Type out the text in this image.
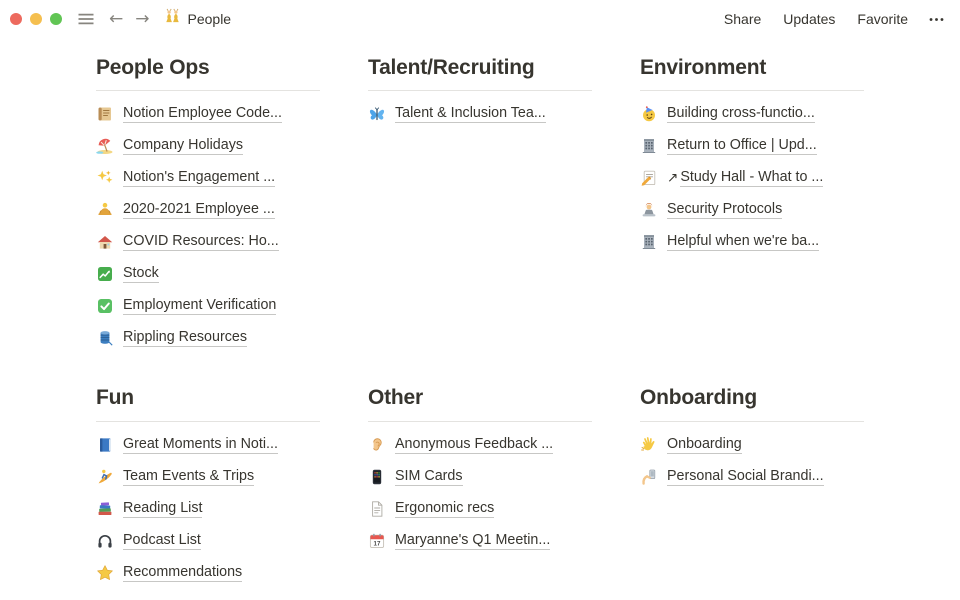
← →	People	Share Updates Favorite
People Ops
Notion Employee Code...
Company Holidays
Notion's Engagement ...
2020-2021 Employee ...
COVID Resources: Ho...
Stock
Employment Verification
Rippling Resources
Talent/Recruiting
Talent & Inclusion Tea...
Environment
Building cross-functio...
Return to Office | Upd...
↗ Study Hall - What to ...
Security Protocols
Helpful when we're ba...
Fun
Great Moments in Noti...
Team Events & Trips
Reading List
Podcast List
Recommendations
Other
Anonymous Feedback ...
SIM Cards
Ergonomic recs
17 Maryanne's Q1 Meetin...
Onboarding
Onboarding
Personal Social Brandi...
